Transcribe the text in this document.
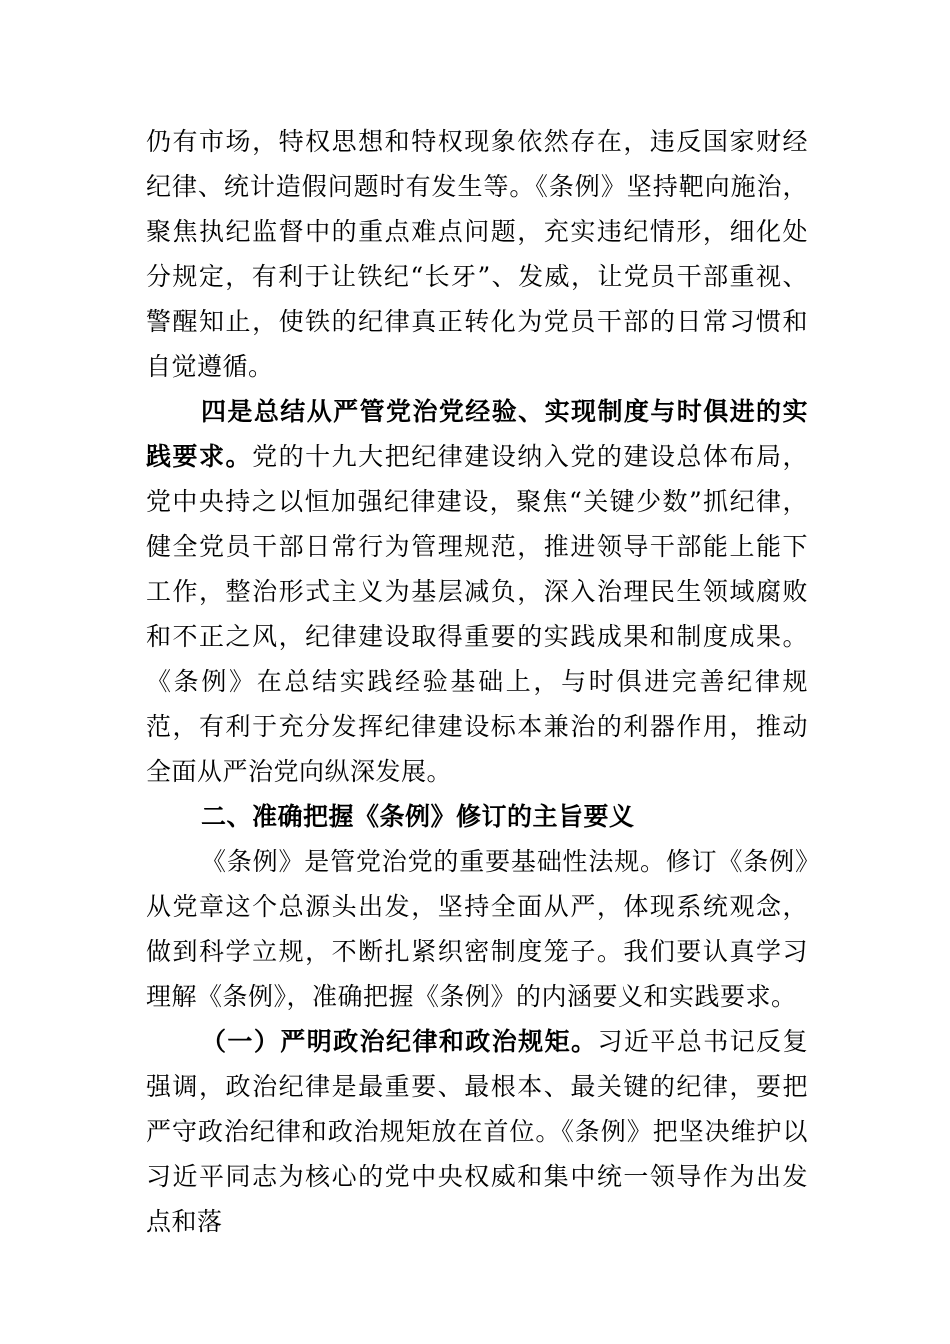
仍有市场，特权思想和特权现象依然存在，违反国家财经纪律、统计造假问题时有发生等。《条例》坚持靶向施治，聚焦执纪监督中的重点难点问题，充实违纪情形，细化处分规定，有利于让铁纪“长牙”、发威，让党员干部重视、警醒知止，使铁的纪律真正转化为党员干部的日常习惯和自觉遵循。

四是总结从严管党治党经验、实现制度与时俱进的实践要求。党的十九大把纪律建设纳入党的建设总体布局，党中央持之以恒加强纪律建设，聚焦“关键少数”抓纪律，健全党员干部日常行为管理规范，推进领导干部能上能下工作，整治形式主义为基层减负，深入治理民生领域腐败和不正之风，纪律建设取得重要的实践成果和制度成果。《条例》在总结实践经验基础上，与时俱进完善纪律规范，有利于充分发挥纪律建设标本兼治的利器作用，推动全面从严治党向纵深发展。

二、准确把握《条例》修订的主旨要义

《条例》是管党治党的重要基础性法规。修订《条例》从党章这个总源头出发，坚持全面从严，体现系统观念，做到科学立规，不断扎紧织密制度笼子。我们要认真学习理解《条例》，准确把握《条例》的内涵要义和实践要求。

（一）严明政治纪律和政治规矩。习近平总书记反复强调，政治纪律是最重要、最根本、最关键的纪律，要把严守政治纪律和政治规矩放在首位。《条例》把坚决维护以习近平同志为核心的党中央权威和集中统一领导作为出发点和落
